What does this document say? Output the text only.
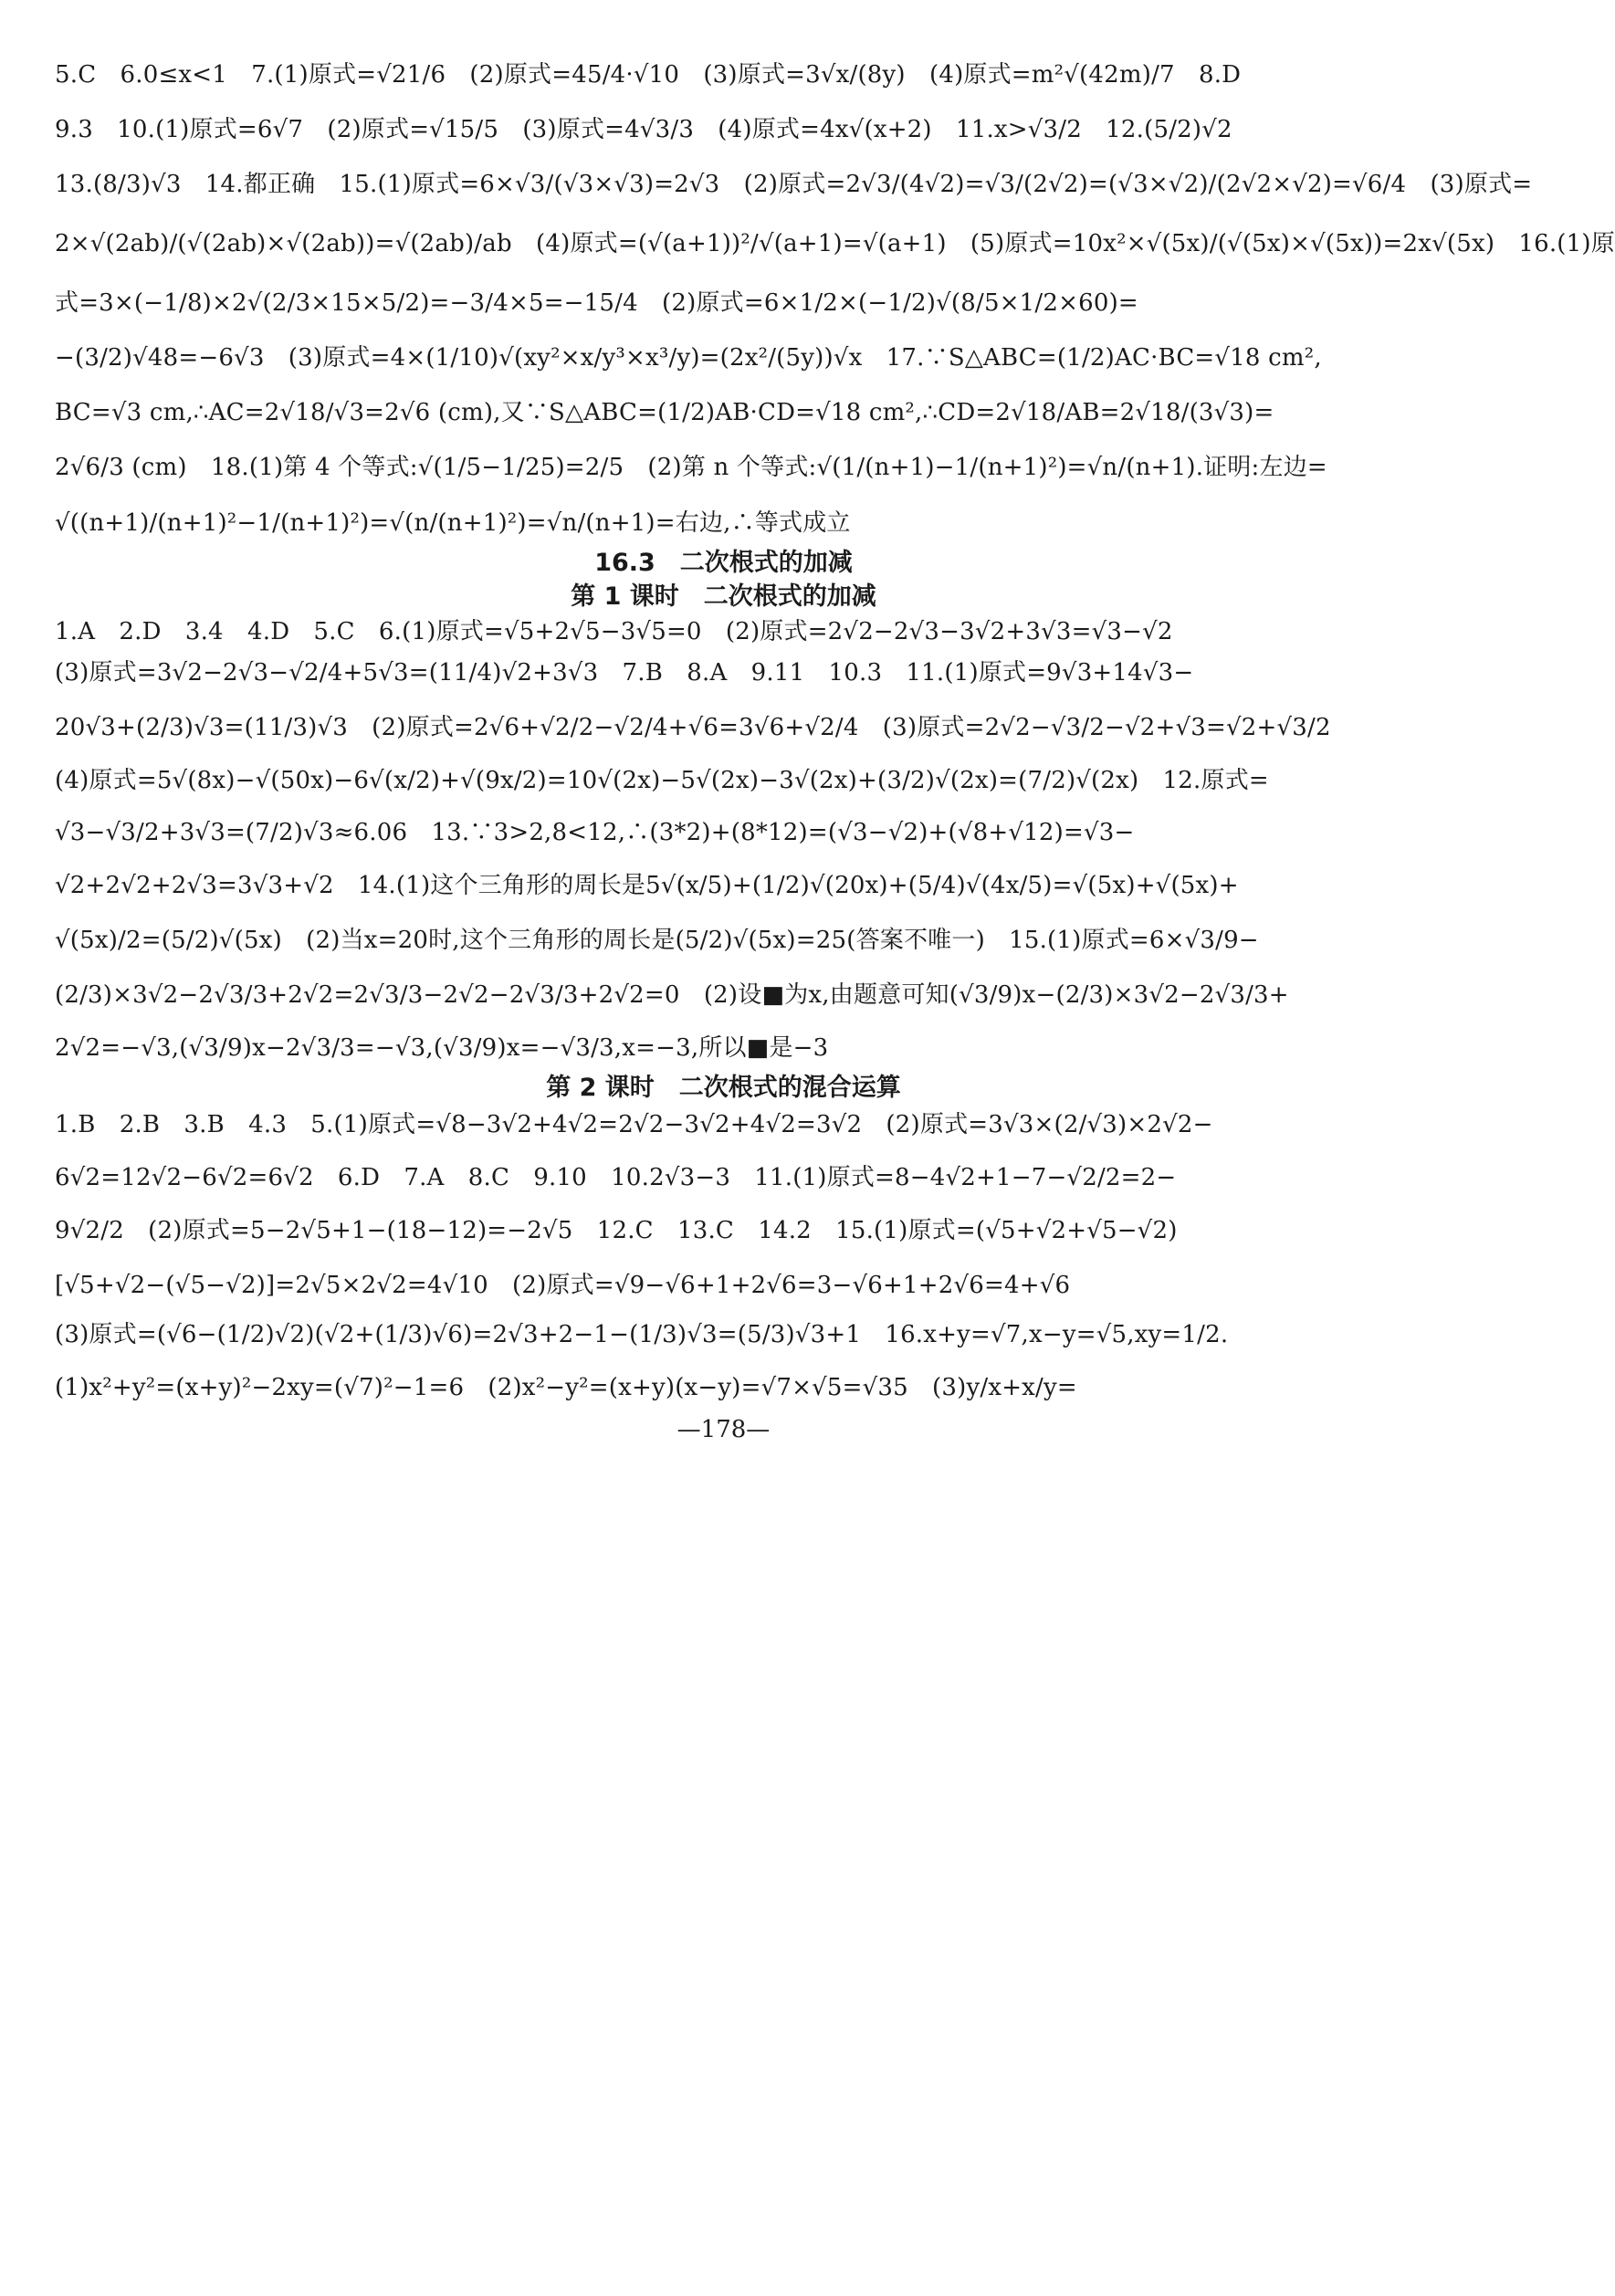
5.C　6.0≤x<1　7.(1)原式=√21/6　(2)原式=45/4·√10　(3)原式=3√x/(8y)　(4)原式=m²√(42m)/7　8.D
9.3　10.(1)原式=6√7　(2)原式=√15/5　(3)原式=4√3/3　(4)原式=4x√(x+2)　11.x>√3/2　12.(5/2)√2
13.(8/3)√3　14.都正确　15.(1)原式=6×√3/(√3×√3)=2√3　(2)原式=2√3/(4√2)=√3/(2√2)=(√3×√2)/(2√2×√2)=√6/4　(3)原式=
2×√(2ab)/(√(2ab)×√(2ab))=√(2ab)/ab　(4)原式=(√(a+1))²/√(a+1)=√(a+1)　(5)原式=10x²×√(5x)/(√(5x)×√(5x))=2x√(5x)　16.(1)原
式=3×(−1/8)×2√(2/3×15×5/2)=−3/4×5=−15/4　(2)原式=6×1/2×(−1/2)√(8/5×1/2×60)=
−(3/2)√48=−6√3　(3)原式=4×(1/10)√(xy²×x/y³×x³/y)=(2x²/(5y))√x　17.∵S△ABC=(1/2)AC·BC=√18 cm²,
BC=√3 cm,∴AC=2√18/√3=2√6 (cm),又∵S△ABC=(1/2)AB·CD=√18 cm²,∴CD=2√18/AB=2√18/(3√3)=
2√6/3 (cm)　18.(1)第 4 个等式:√(1/5−1/25)=2/5　(2)第 n 个等式:√(1/(n+1)−1/(n+1)²)=√n/(n+1).证明:左边=
√((n+1)/(n+1)²−1/(n+1)²)=√(n/(n+1)²)=√n/(n+1)=右边,∴等式成立
16.3　二次根式的加减
第 1 课时　二次根式的加减
1.A　2.D　3.4　4.D　5.C　6.(1)原式=√5+2√5−3√5=0　(2)原式=2√2−2√3−3√2+3√3=√3−√2
(3)原式=3√2−2√3−√2/4+5√3=(11/4)√2+3√3　7.B　8.A　9.11　10.3　11.(1)原式=9√3+14√3−
20√3+(2/3)√3=(11/3)√3　(2)原式=2√6+√2/2−√2/4+√6=3√6+√2/4　(3)原式=2√2−√3/2−√2+√3=√2+√3/2
(4)原式=5√(8x)−√(50x)−6√(x/2)+√(9x/2)=10√(2x)−5√(2x)−3√(2x)+(3/2)√(2x)=(7/2)√(2x)　12.原式=
√3−√3/2+3√3=(7/2)√3≈6.06　13.∵3>2,8<12,∴(3*2)+(8*12)=(√3−√2)+(√8+√12)=√3−
√2+2√2+2√3=3√3+√2　14.(1)这个三角形的周长是5√(x/5)+(1/2)√(20x)+(5/4)√(4x/5)=√(5x)+√(5x)+
√(5x)/2=(5/2)√(5x)　(2)当x=20时,这个三角形的周长是(5/2)√(5x)=25(答案不唯一)　15.(1)原式=6×√3/9−
(2/3)×3√2−2√3/3+2√2=2√3/3−2√2−2√3/3+2√2=0　(2)设■为x,由题意可知(√3/9)x−(2/3)×3√2−2√3/3+
2√2=−√3,(√3/9)x−2√3/3=−√3,(√3/9)x=−√3/3,x=−3,所以■是−3
第 2 课时　二次根式的混合运算
1.B　2.B　3.B　4.3　5.(1)原式=√8−3√2+4√2=2√2−3√2+4√2=3√2　(2)原式=3√3×(2/√3)×2√2−
6√2=12√2−6√2=6√2　6.D　7.A　8.C　9.10　10.2√3−3　11.(1)原式=8−4√2+1−7−√2/2=2−
9√2/2　(2)原式=5−2√5+1−(18−12)=−2√5　12.C　13.C　14.2　15.(1)原式=(√5+√2+√5−√2)
[√5+√2−(√5−√2)]=2√5×2√2=4√10　(2)原式=√9−√6+1+2√6=3−√6+1+2√6=4+√6
(3)原式=(√6−(1/2)√2)(√2+(1/3)√6)=2√3+2−1−(1/3)√3=(5/3)√3+1　16.x+y=√7,x−y=√5,xy=1/2.
(1)x²+y²=(x+y)²−2xy=(√7)²−1=6　(2)x²−y²=(x+y)(x−y)=√7×√5=√35　(3)y/x+x/y=
—178—
